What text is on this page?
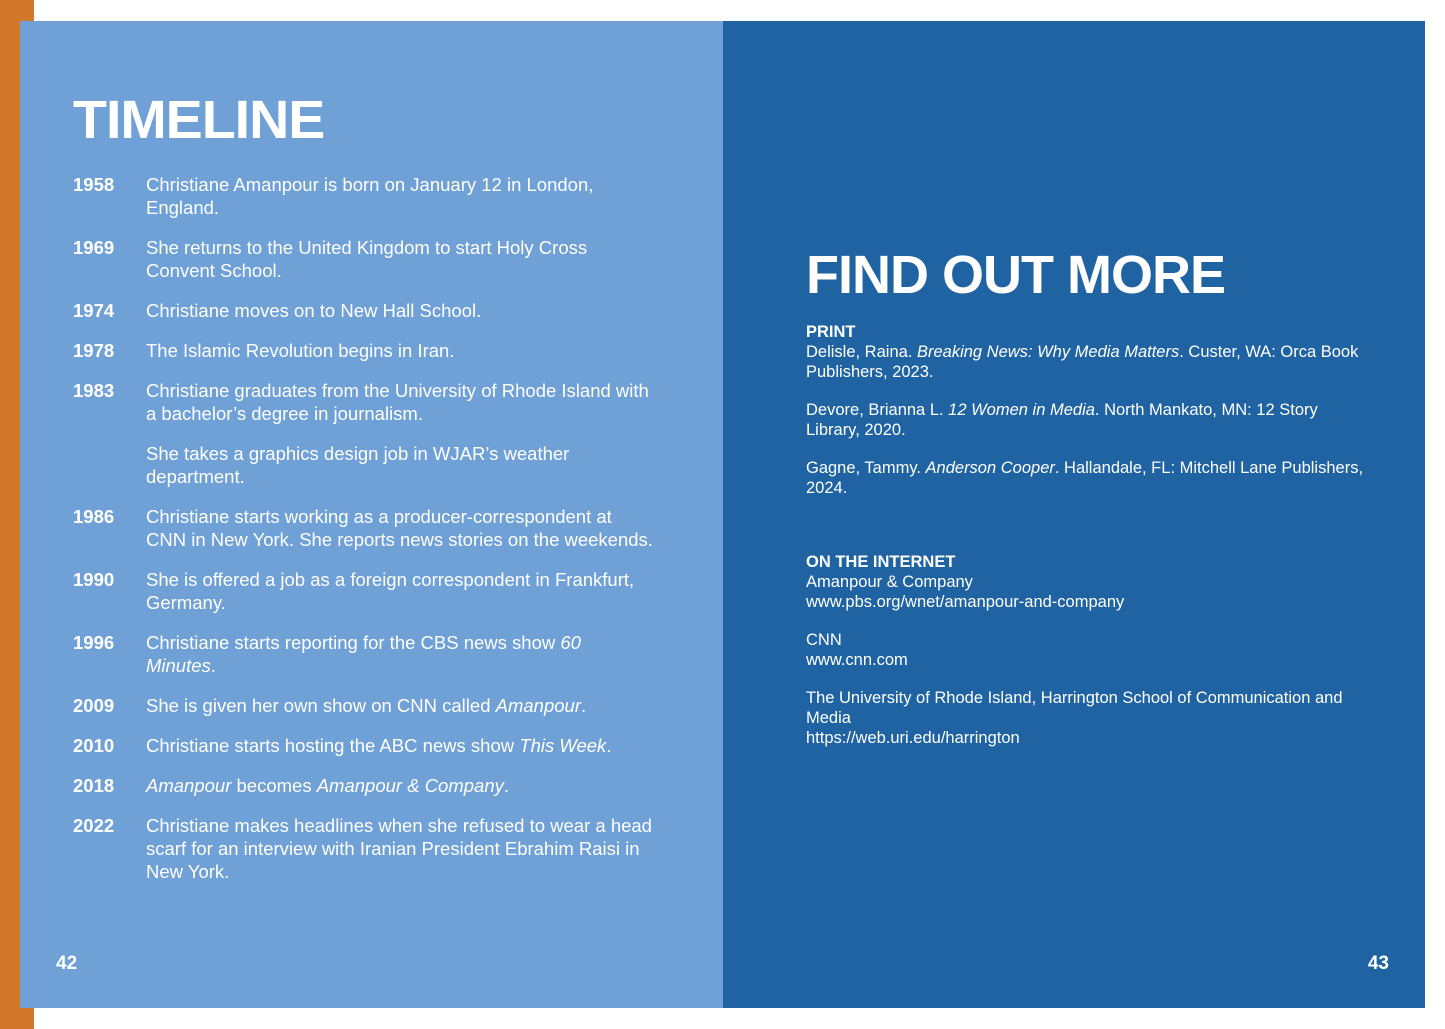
TIMELINE
1958	Christiane Amanpour is born on January 12 in London, England.
1969	She returns to the United Kingdom to start Holy Cross Convent School.
1974	Christiane moves on to New Hall School.
1978	The Islamic Revolution begins in Iran.
1983	Christiane graduates from the University of Rhode Island with a bachelor’s degree in journalism.
She takes a graphics design job in WJAR’s weather department.
1986	Christiane starts working as a producer-correspondent at CNN in New York. She reports news stories on the weekends.
1990	She is offered a job as a foreign correspondent in Frankfurt, Germany.
1996	Christiane starts reporting for the CBS news show 60 Minutes.
2009	She is given her own show on CNN called Amanpour.
2010	Christiane starts hosting the ABC news show This Week.
2018	Amanpour becomes Amanpour & Company.
2022	Christiane makes headlines when she refused to wear a head scarf for an interview with Iranian President Ebrahim Raisi in New York.
42
FIND OUT MORE
PRINT
Delisle, Raina. Breaking News: Why Media Matters. Custer, WA: Orca Book Publishers, 2023.
Devore, Brianna L. 12 Women in Media. North Mankato, MN: 12 Story Library, 2020.
Gagne, Tammy. Anderson Cooper. Hallandale, FL: Mitchell Lane Publishers, 2024.
ON THE INTERNET
Amanpour & Company
www.pbs.org/wnet/amanpour-and-company
CNN
www.cnn.com
The University of Rhode Island, Harrington School of Communication and Media
https://web.uri.edu/harrington
43
